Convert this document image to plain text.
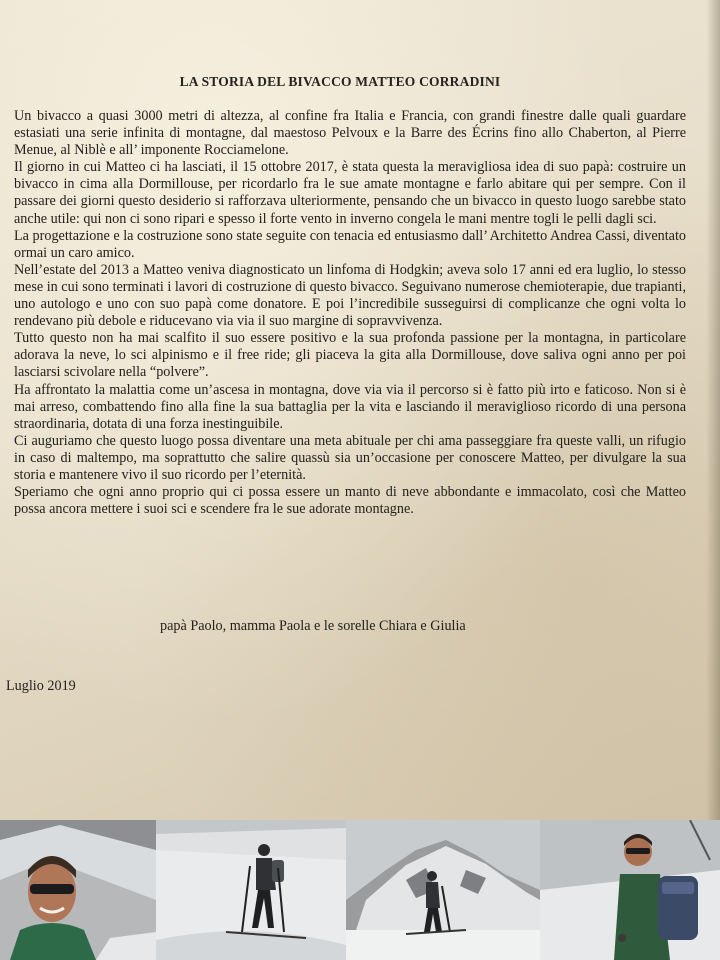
LA STORIA DEL BIVACCO MATTEO CORRADINI

Un bivacco a quasi 3000 metri di altezza, al confine fra Italia e Francia, con grandi finestre dalle quali guardare estasiati una serie infinita di montagne, dal maestoso Pelvoux e la Barre des Écrins fino allo Chaberton, al Pierre Menue, al Niblè e all’ imponente Rocciamelone.

Il giorno in cui Matteo ci ha lasciati, il 15 ottobre 2017, è stata questa la meravigliosa idea di suo papà: costruire un bivacco in cima alla Dormillouse, per ricordarlo fra le sue amate montagne e farlo abitare qui per sempre. Con il passare dei giorni questo desiderio si rafforzava ulteriormente, pensando che un bivacco in questo luogo sarebbe stato anche utile: qui non ci sono ripari e spesso il forte vento in inverno congela le mani mentre togli le pelli dagli sci.

La progettazione e la costruzione sono state seguite con tenacia ed entusiasmo dall’ Architetto Andrea Cassi, diventato ormai un caro amico.

Nell’estate del 2013 a Matteo veniva diagnosticato un linfoma di Hodgkin; aveva solo 17 anni ed era luglio, lo stesso mese in cui sono terminati i lavori di costruzione di questo bivacco. Seguivano numerose chemioterapie, due trapianti, uno autologo e uno con suo papà come donatore. E poi l’incredibile susseguirsi di complicanze che ogni volta lo rendevano più debole e riducevano via via il suo margine di sopravvivenza.

Tutto questo non ha mai scalfito il suo essere positivo e la sua profonda passione per la montagna, in particolare adorava la neve, lo sci alpinismo e il free ride; gli piaceva la gita alla Dormillouse, dove saliva ogni anno per poi lasciarsi scivolare nella “polvere”.

Ha affrontato la malattia come un’ascesa in montagna, dove via via il percorso si è fatto più irto e faticoso. Non si è mai arreso, combattendo fino alla fine la sua battaglia per la vita e lasciando il meraviglioso ricordo di una persona straordinaria, dotata di una forza inestinguibile.

Ci auguriamo che questo luogo possa diventare una meta abituale per chi ama passeggiare fra queste valli, un rifugio in caso di maltempo, ma soprattutto che salire quassù sia un’occasione per conoscere Matteo, per divulgare la sua storia e mantenere vivo il suo ricordo per l’eternità.

Speriamo che ogni anno proprio qui ci possa essere un manto di neve abbondante e immacolato, così che Matteo possa ancora mettere i suoi sci e scendere fra le sue adorate montagne.

papà Paolo, mamma Paola e le sorelle Chiara e Giulia
Luglio 2019
